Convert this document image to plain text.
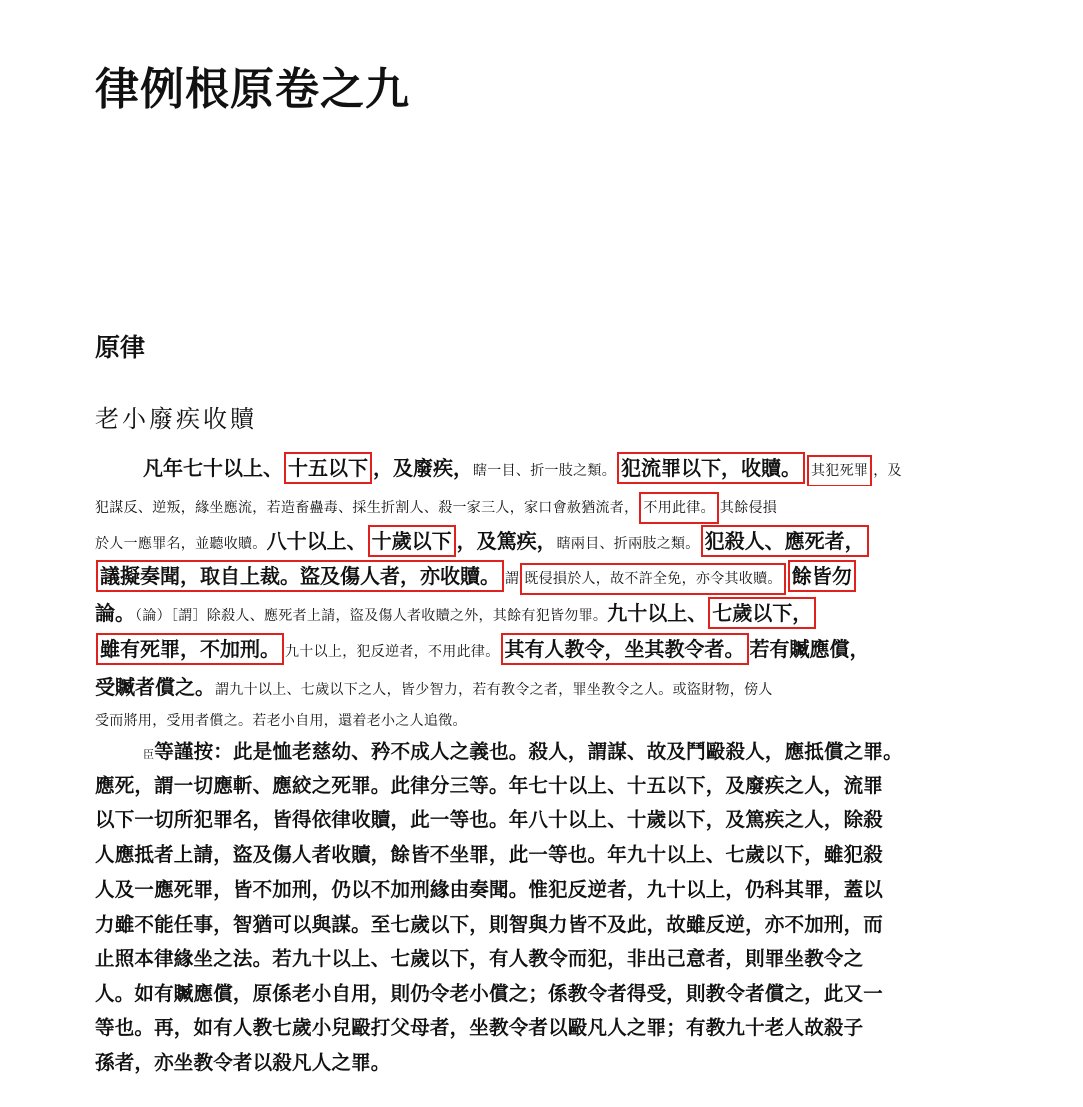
律例根原卷之九
原律
老小廢疾收贖

凡年七十以上、 十五以下 ，及廢疾，瞎一目、折一肢之類。 犯流罪以下，收贖。 其犯死罪 ，及

犯謀反、逆叛，緣坐應流，若造畜蠱毒、採生折割人、殺一家三人，家口會赦猶流者， 不用此律。 其餘侵損

於人一應罪名，並聽收贖。八十以上、 十歲以下 ，及篤疾，瞎兩目、折兩肢之類。 犯殺人、應死者，

議擬奏聞，取自上裁。盜及傷人者，亦收贖。 謂 既侵損於人，故不許全免，亦令其收贖。 餘皆勿

論。（論）［謂］除殺人、應死者上請，盜及傷人者收贖之外，其餘有犯皆勿罪。九十以上、 七歲以下，

雖有死罪，不加刑。 九十以上，犯反逆者，不用此律。 其有人教令，坐其教令者。 若有贓應償，

受贓者償之。謂九十以上、七歲以下之人，皆少智力，若有教令之者，罪坐教令之人。或盜財物，傍人

受而將用，受用者償之。若老小自用，還着老小之人追徵。

臣等謹按：此是恤老慈幼、矜不成人之義也。殺人，謂謀、故及鬥毆殺人，應抵償之罪。

應死，謂一切應斬、應絞之死罪。此律分三等。年七十以上、十五以下，及廢疾之人，流罪

以下一切所犯罪名，皆得依律收贖，此一等也。年八十以上、十歲以下，及篤疾之人，除殺

人應抵者上請，盜及傷人者收贖，餘皆不坐罪，此一等也。年九十以上、七歲以下，雖犯殺

人及一應死罪，皆不加刑，仍以不加刑緣由奏聞。惟犯反逆者，九十以上，仍科其罪，蓋以

力雖不能任事，智猶可以與謀。至七歲以下，則智與力皆不及此，故雖反逆，亦不加刑，而

止照本律緣坐之法。若九十以上、七歲以下，有人教令而犯，非出己意者，則罪坐教令之

人。如有贓應償，原係老小自用，則仍令老小償之；係教令者得受，則教令者償之，此又一

等也。再，如有人教七歲小兒毆打父母者，坐教令者以毆凡人之罪；有教九十老人故殺子

孫者，亦坐教令者以殺凡人之罪。
